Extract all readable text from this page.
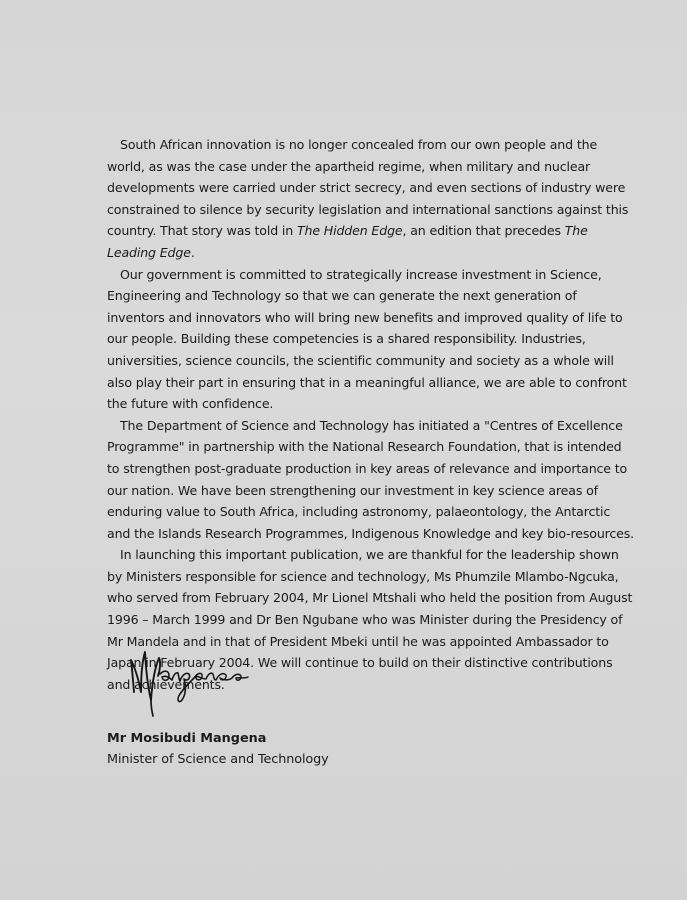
South African innovation is no longer concealed from our own people and the world, as was the case under the apartheid regime, when military and nuclear developments were carried under strict secrecy, and even sections of industry were constrained to silence by security legislation and international sanctions against this country. That story was told in The Hidden Edge, an edition that precedes The Leading Edge.

Our government is committed to strategically increase investment in Science, Engineering and Technology so that we can generate the next generation of inventors and innovators who will bring new benefits and improved quality of life to our people. Building these competencies is a shared responsibility. Industries, universities, science councils, the scientific community and society as a whole will also play their part in ensuring that in a meaningful alliance, we are able to confront the future with confidence.

The Department of Science and Technology has initiated a "Centres of Excellence Programme" in partnership with the National Research Foundation, that is intended to strengthen post-graduate production in key areas of relevance and importance to our nation. We have been strengthening our investment in key science areas of enduring value to South Africa, including astronomy, palaeontology, the Antarctic and the Islands Research Programmes, Indigenous Knowledge and key bio-resources.

In launching this important publication, we are thankful for the leadership shown by Ministers responsible for science and technology, Ms Phumzile Mlambo-Ngcuka, who served from February 2004, Mr Lionel Mtshali who held the position from August 1996 – March 1999 and Dr Ben Ngubane who was Minister during the Presidency of Mr Mandela and in that of President Mbeki until he was appointed Ambassador to Japan in February 2004. We will continue to build on their distinctive contributions and achievements.

Mr Mosibudi Mangena
Minister of Science and Technology
